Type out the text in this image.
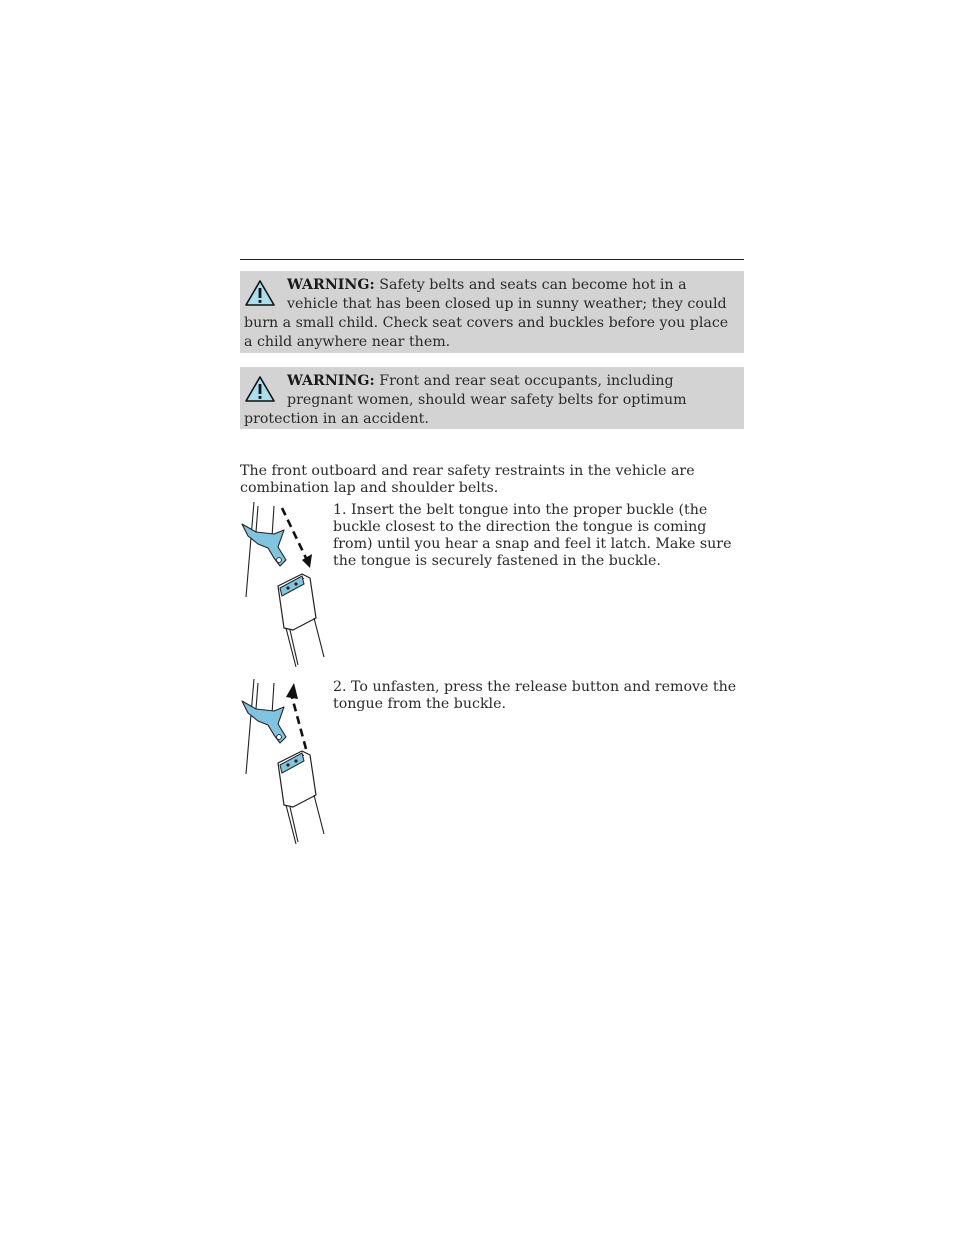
WARNING: Safety belts and seats can become hot in a vehicle that has been closed up in sunny weather; they could burn a small child. Check seat covers and buckles before you place a child anywhere near them.
WARNING: Front and rear seat occupants, including pregnant women, should wear safety belts for optimum protection in an accident.
The front outboard and rear safety restraints in the vehicle are combination lap and shoulder belts.
1. Insert the belt tongue into the proper buckle (the buckle closest to the direction the tongue is coming from) until you hear a snap and feel it latch. Make sure the tongue is securely fastened in the buckle.
2. To unfasten, press the release button and remove the tongue from the buckle.
